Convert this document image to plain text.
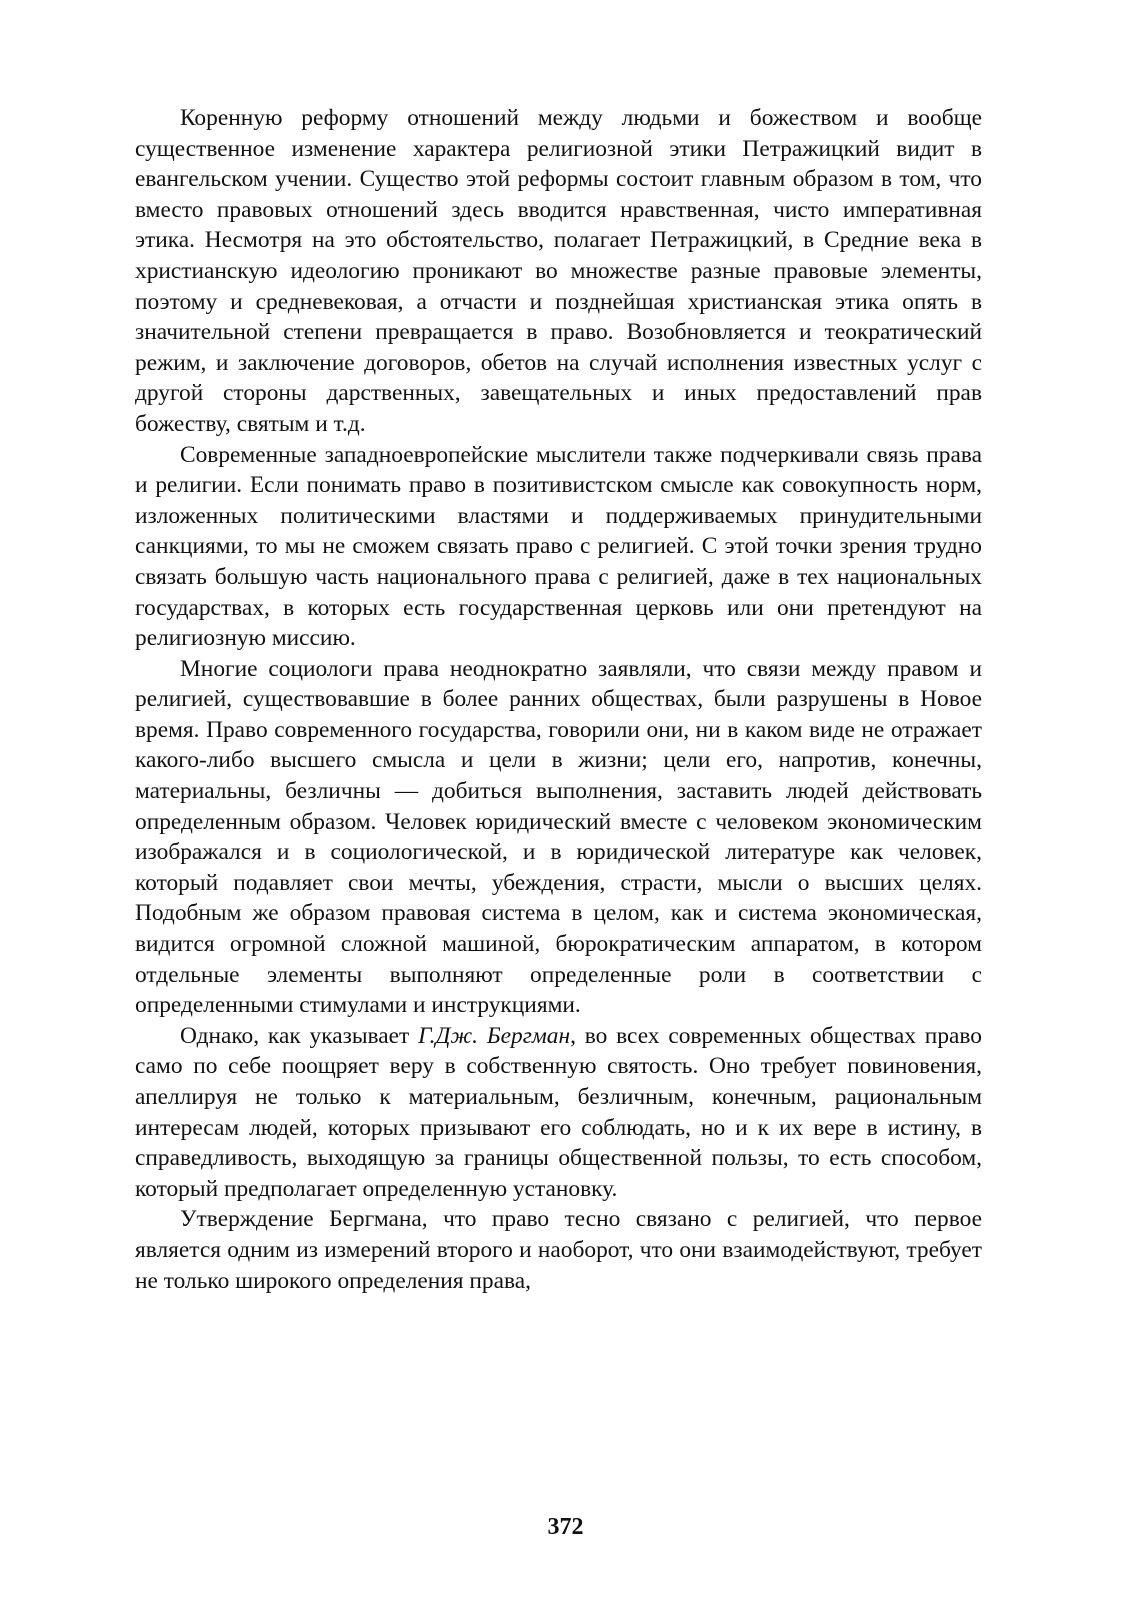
Коренную реформу отношений между людьми и божеством и вообще существенное изменение характера религиозной этики Петражицкий видит в евангельском учении. Существо этой реформы состоит главным образом в том, что вместо правовых отношений здесь вводится нравственная, чисто императивная этика. Несмотря на это обстоятельство, полагает Петражицкий, в Средние века в христианскую идеологию проникают во множестве разные правовые элементы, поэтому и средневековая, а отчасти и позднейшая христианская этика опять в значительной степени превращается в право. Возобновляется и теократический режим, и заключение договоров, обетов на случай исполнения известных услуг с другой стороны дарственных, завещательных и иных предоставлений прав божеству, святым и т.д.

Современные западноевропейские мыслители также подчеркивали связь права и религии. Если понимать право в позитивистском смысле как совокупность норм, изложенных политическими властями и поддерживаемых принудительными санкциями, то мы не сможем связать право с религией. С этой точки зрения трудно связать большую часть национального права с религией, даже в тех национальных государствах, в которых есть государственная церковь или они претендуют на религиозную миссию.

Многие социологи права неоднократно заявляли, что связи между правом и религией, существовавшие в более ранних обществах, были разрушены в Новое время. Право современного государства, говорили они, ни в каком виде не отражает какого-либо высшего смысла и цели в жизни; цели его, напротив, конечны, материальны, безличны — добиться выполнения, заставить людей действовать определенным образом. Человек юридический вместе с человеком экономическим изображался и в социологической, и в юридической литературе как человек, который подавляет свои мечты, убеждения, страсти, мысли о высших целях. Подобным же образом правовая система в целом, как и система экономическая, видится огромной сложной машиной, бюрократическим аппаратом, в котором отдельные элементы выполняют определенные роли в соответствии с определенными стимулами и инструкциями.

Однако, как указывает Г.Дж. Бергман, во всех современных обществах право само по себе поощряет веру в собственную святость. Оно требует повиновения, апеллируя не только к материальным, безличным, конечным, рациональным интересам людей, которых призывают его соблюдать, но и к их вере в истину, в справедливость, выходящую за границы общественной пользы, то есть способом, который предполагает определенную установку.

Утверждение Бергмана, что право тесно связано с религией, что первое является одним из измерений второго и наоборот, что они взаимодействуют, требует не только широкого определения права,

372
